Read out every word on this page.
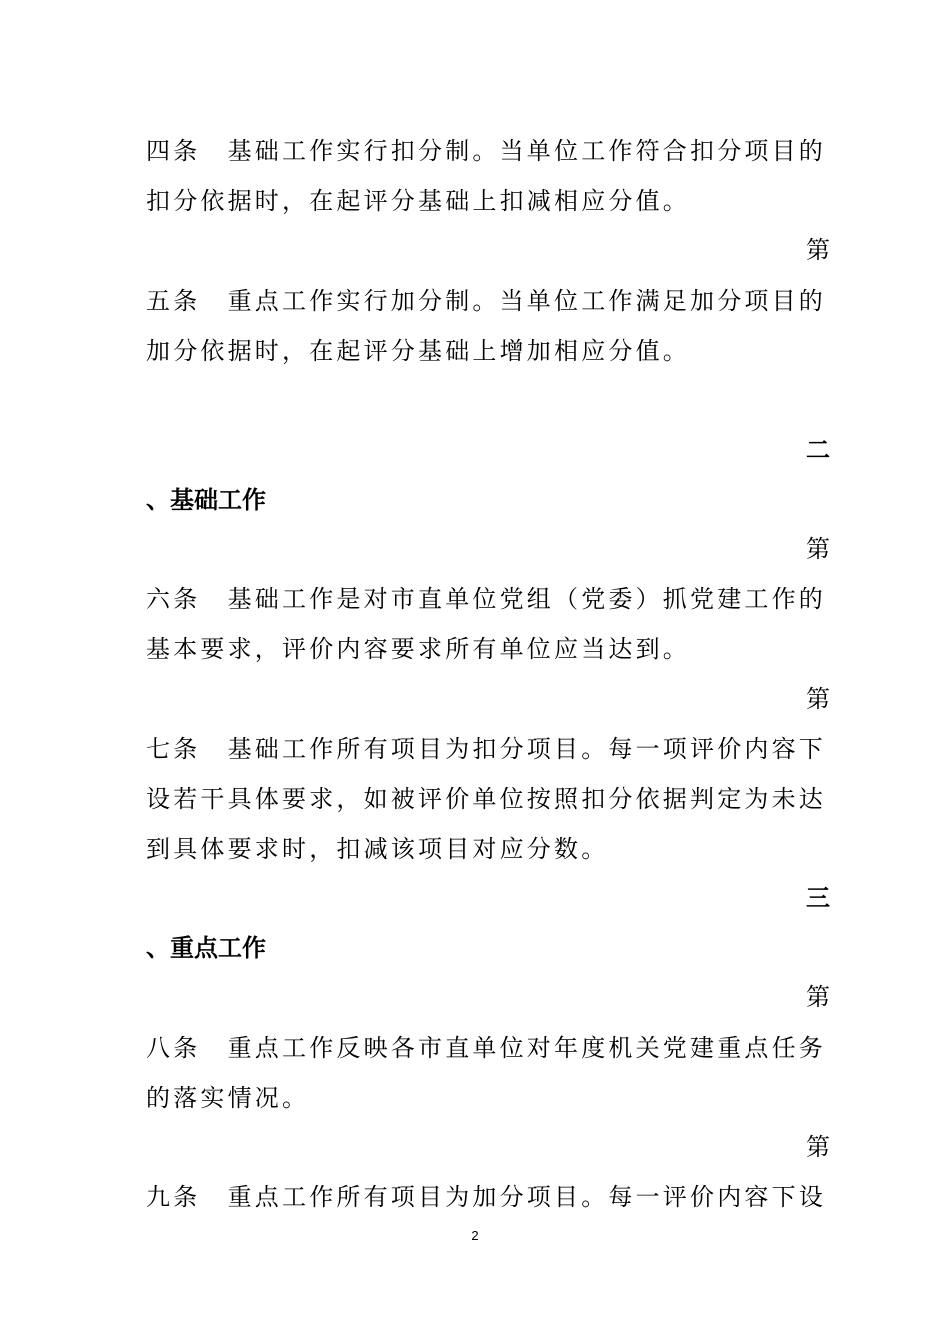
四条　基础工作实行扣分制。当单位工作符合扣分项目的
扣分依据时，在起评分基础上扣减相应分值。
第
五条　重点工作实行加分制。当单位工作满足加分项目的
加分依据时，在起评分基础上增加相应分值。
二
、基础工作
第
六条　基础工作是对市直单位党组（党委）抓党建工作的
基本要求，评价内容要求所有单位应当达到。
第
七条　基础工作所有项目为扣分项目。每一项评价内容下
设若干具体要求，如被评价单位按照扣分依据判定为未达
到具体要求时，扣减该项目对应分数。
三
、重点工作
第
八条　重点工作反映各市直单位对年度机关党建重点任务
的落实情况。
第
九条　重点工作所有项目为加分项目。每一评价内容下设
2
